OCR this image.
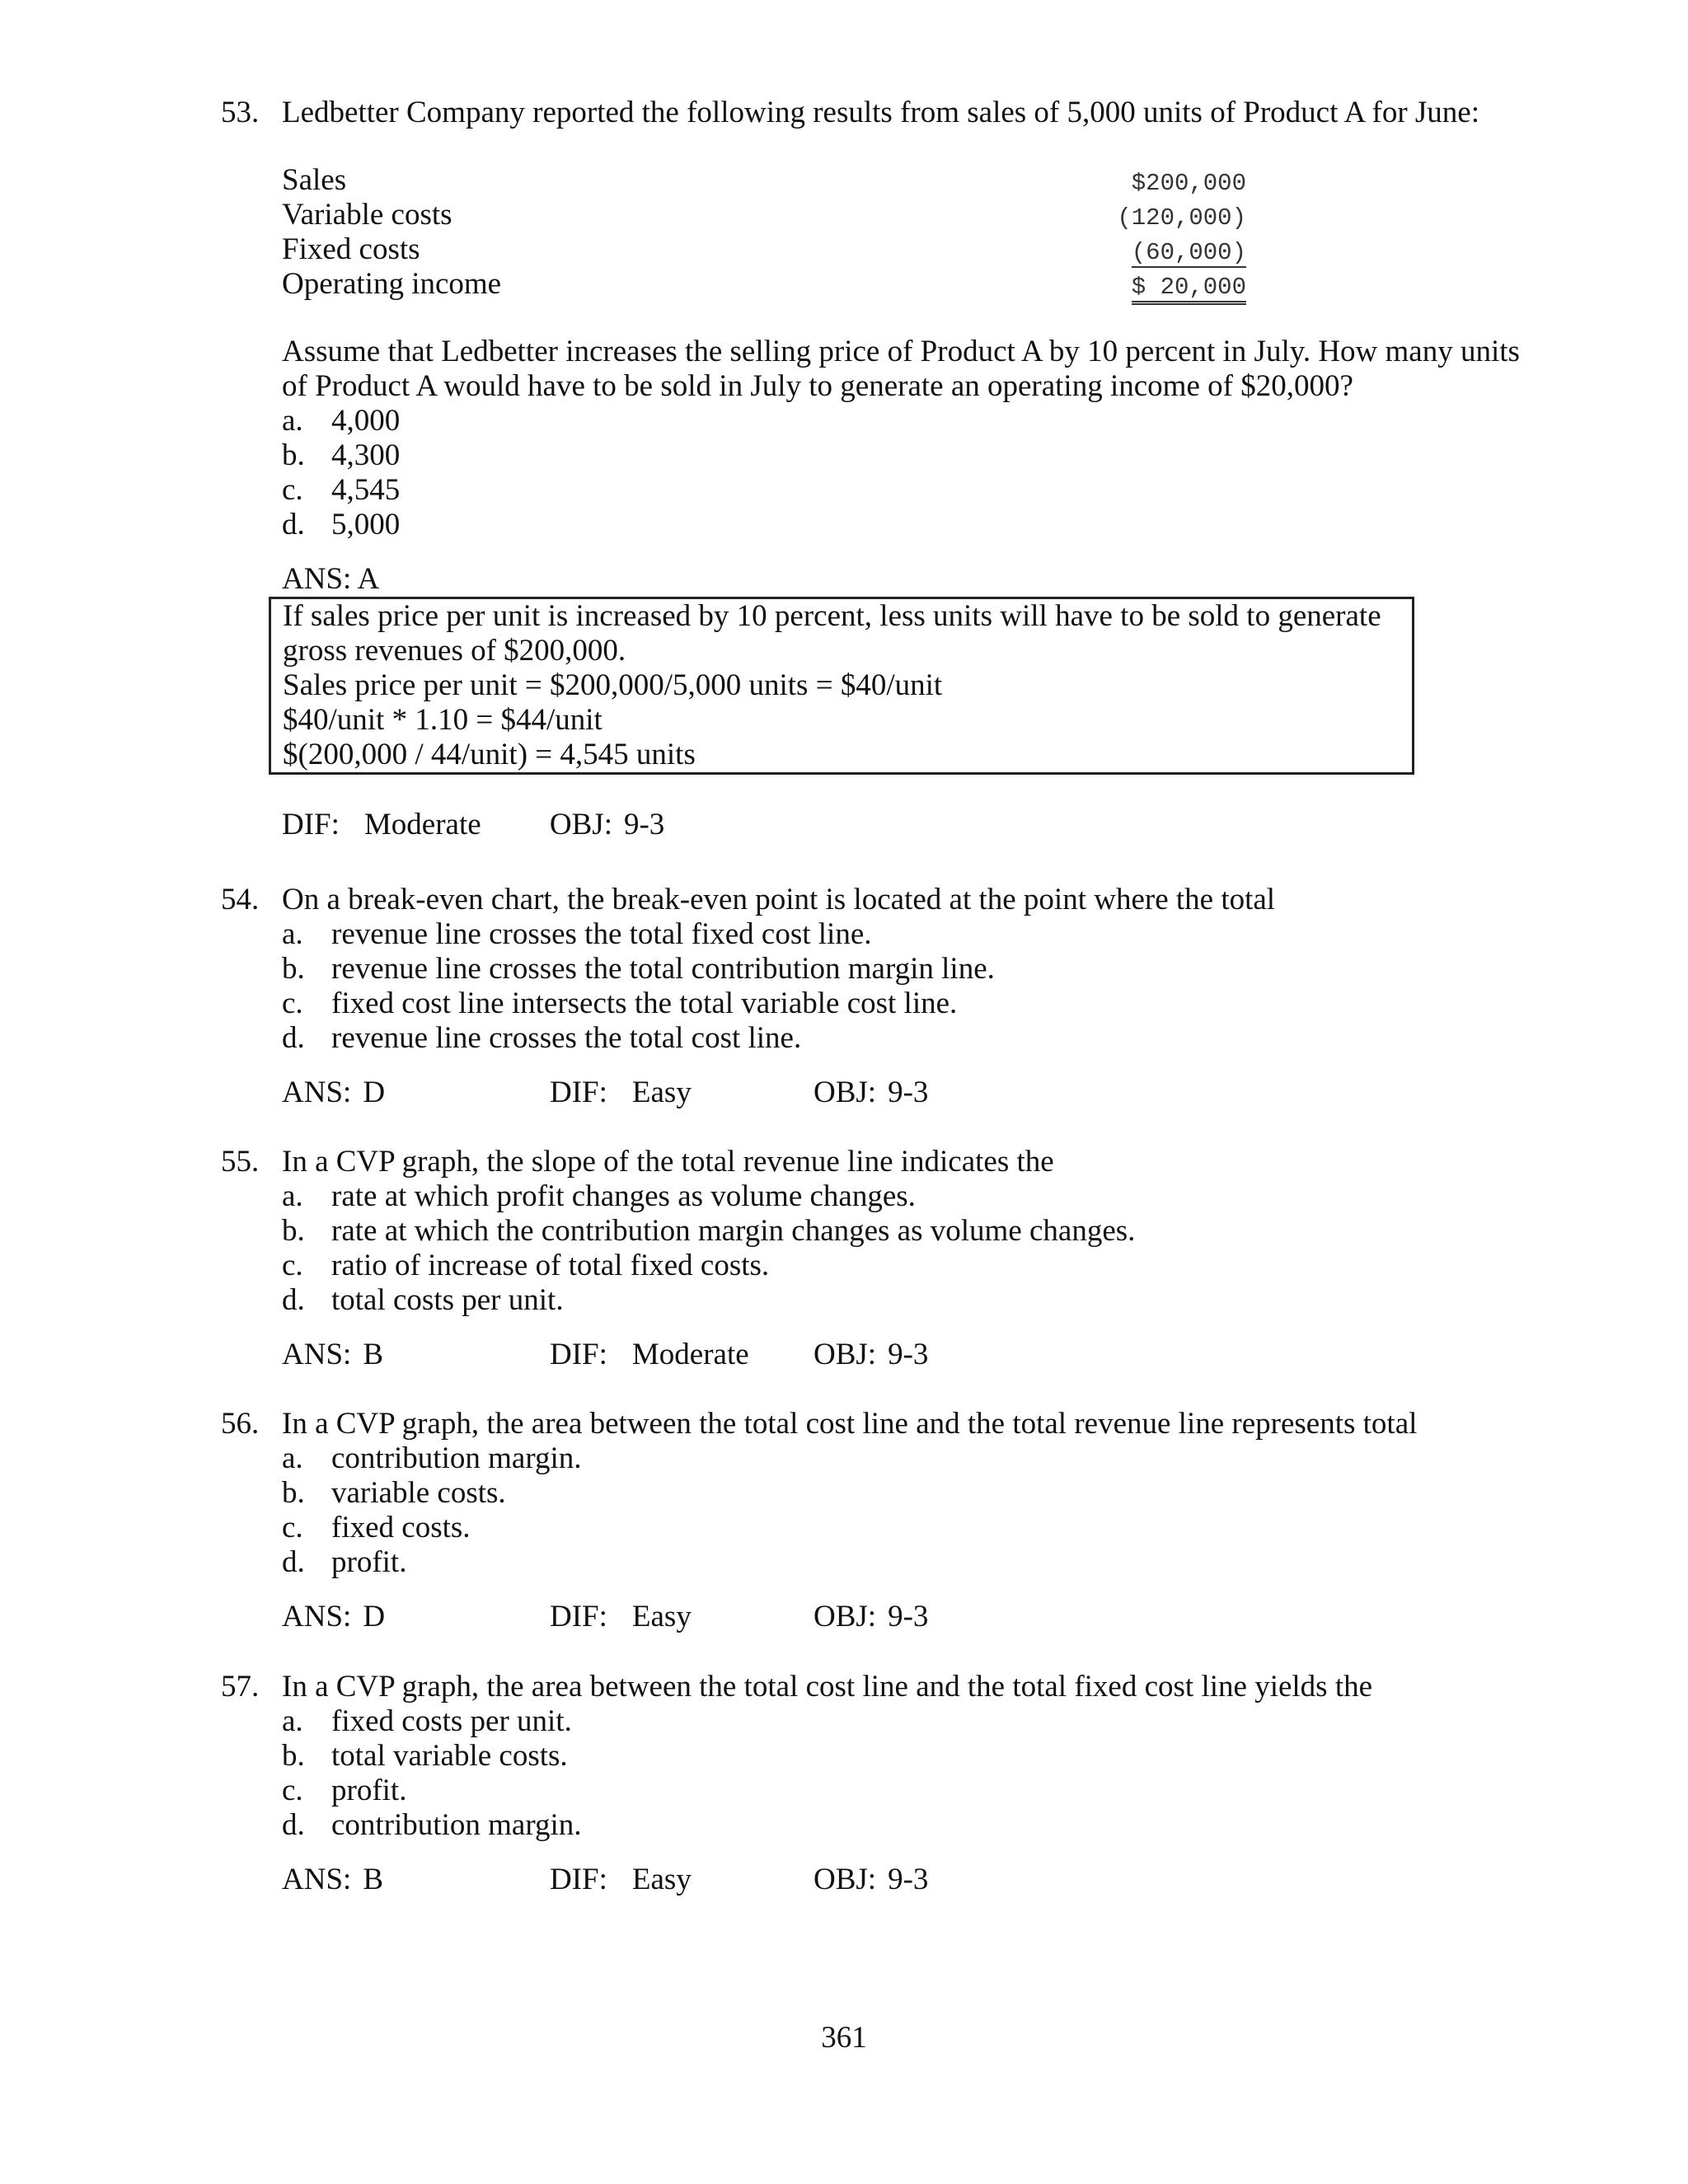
53. Ledbetter Company reported the following results from sales of 5,000 units of Product A for June:
Sales	$200,000
Variable costs	(120,000)
Fixed costs	(60,000)
Operating income	$ 20,000
Assume that Ledbetter increases the selling price of Product A by 10 percent in July. How many units
of Product A would have to be sold in July to generate an operating income of $20,000?
a. 4,000
b. 4,300
c. 4,545
d. 5,000
ANS: A
If sales price per unit is increased by 10 percent, less units will have to be sold to generate
gross revenues of $200,000.
Sales price per unit = $200,000/5,000 units = $40/unit
$40/unit * 1.10 = $44/unit
$(200,000 / 44/unit) = 4,545 units
DIF: Moderate OBJ: 9-3
54. On a break-even chart, the break-even point is located at the point where the total
a. revenue line crosses the total fixed cost line.
b. revenue line crosses the total contribution margin line.
c. fixed cost line intersects the total variable cost line.
d. revenue line crosses the total cost line.
ANS: D	DIF: Easy	OBJ: 9-3
55. In a CVP graph, the slope of the total revenue line indicates the
a. rate at which profit changes as volume changes.
b. rate at which the contribution margin changes as volume changes.
c. ratio of increase of total fixed costs.
d. total costs per unit.
ANS: B	DIF: Moderate	OBJ: 9-3
56. In a CVP graph, the area between the total cost line and the total revenue line represents total
a. contribution margin.
b. variable costs.
c. fixed costs.
d. profit.
ANS: D	DIF: Easy	OBJ: 9-3
57. In a CVP graph, the area between the total cost line and the total fixed cost line yields the
a. fixed costs per unit.
b. total variable costs.
c. profit.
d. contribution margin.
ANS: B	DIF: Easy	OBJ: 9-3
361
